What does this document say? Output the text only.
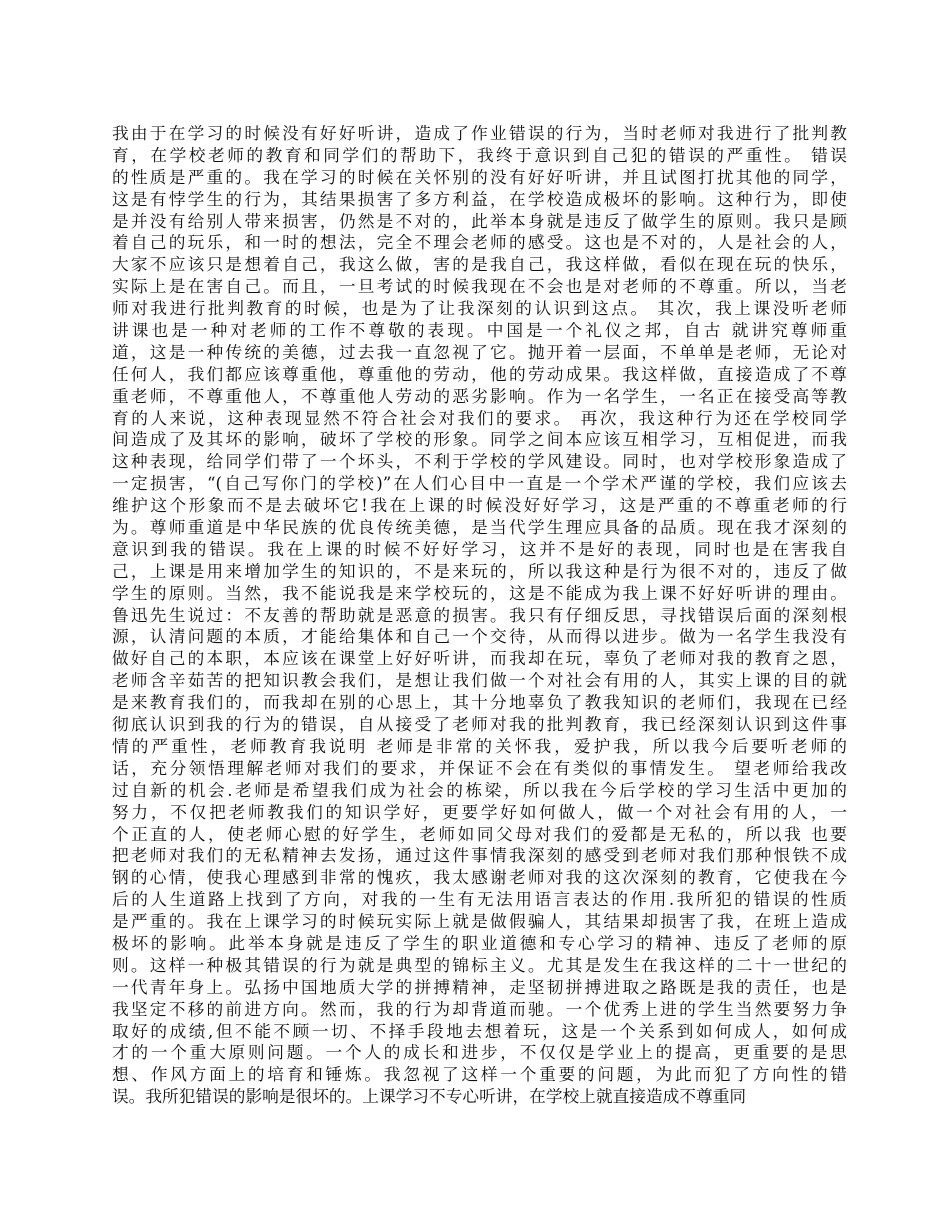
我由于在学习的时候没有好好听讲，造成了作业错误的行为，当时老师对我进行了批判教
育，在学校老师的教育和同学们的帮助下，我终于意识到自己犯的错误的严重性。 错误
的性质是严重的。我在学习的时候在关怀别的没有好好听讲，并且试图打扰其他的同学，
这是有悖学生的行为，其结果损害了多方利益，在学校造成极坏的影响。这种行为，即使
是并没有给别人带来损害，仍然是不对的，此举本身就是违反了做学生的原则。我只是顾
着自己的玩乐，和一时的想法，完全不理会老师的感受。这也是不对的，人是社会的人，
大家不应该只是想着自己，我这么做，害的是我自己，我这样做，看似在现在玩的快乐，
实际上是在害自己。而且，一旦考试的时候我现在不会也是对老师的不尊重。所以，当老
师对我进行批判教育的时候，也是为了让我深刻的认识到这点。 其次，我上课没听老师
讲课也是一种对老师的工作不尊敬的表现。中国是一个礼仪之邦，自古 就讲究尊师重
道，这是一种传统的美德，过去我一直忽视了它。抛开着一层面，不单单是老师，无论对
任何人，我们都应该尊重他，尊重他的劳动，他的劳动成果。我这样做，直接造成了不尊
重老师，不尊重他人，不尊重他人劳动的恶劣影响。作为一名学生，一名正在接受高等教
育的人来说，这种表现显然不符合社会对我们的要求。 再次，我这种行为还在学校同学
间造成了及其坏的影响，破坏了学校的形象。同学之间本应该互相学习，互相促进，而我
这种表现，给同学们带了一个坏头，不利于学校的学风建设。同时，也对学校形象造成了
一定损害，“(自己写你门的学校)”在人们心目中一直是一个学术严谨的学校，我们应该去
维护这个形象而不是去破坏它!我在上课的时候没好好学习，这是严重的不尊重老师的行
为。尊师重道是中华民族的优良传统美德，是当代学生理应具备的品质。现在我才深刻的
意识到我的错误。我在上课的时候不好好学习，这并不是好的表现，同时也是在害我自
己，上课是用来增加学生的知识的，不是来玩的，所以我这种是行为很不对的，违反了做
学生的原则。当然，我不能说我是来学校玩的，这是不能成为我上课不好好听讲的理由。
鲁迅先生说过：不友善的帮助就是恶意的损害。我只有仔细反思，寻找错误后面的深刻根
源，认清问题的本质，才能给集体和自己一个交待，从而得以进步。做为一名学生我没有
做好自己的本职，本应该在课堂上好好听讲，而我却在玩，辜负了老师对我的教育之恩，
老师含辛茹苦的把知识教会我们，是想让我们做一个对社会有用的人，其实上课的目的就
是来教育我们的，而我却在别的心思上，其十分地辜负了教我知识的老师们，我现在已经
彻底认识到我的行为的错误，自从接受了老师对我的批判教育，我已经深刻认识到这件事
情的严重性，老师教育我说明 老师是非常的关怀我，爱护我，所以我今后要听老师的
话，充分领悟理解老师对我们的要求，并保证不会在有类似的事情发生。 望老师给我改
过自新的机会.老师是希望我们成为社会的栋梁，所以我在今后学校的学习生活中更加的
努力，不仅把老师教我们的知识学好，更要学好如何做人，做一个对社会有用的人，一
个正直的人，使老师心慰的好学生，老师如同父母对我们的爱都是无私的，所以我 也要
把老师对我们的无私精神去发扬，通过这件事情我深刻的感受到老师对我们那种恨铁不成
钢的心情，使我心理感到非常的愧疚，我太感谢老师对我的这次深刻的教育，它使我在今
后的人生道路上找到了方向，对我的一生有无法用语言表达的作用.我所犯的错误的性质
是严重的。我在上课学习的时候玩实际上就是做假骗人，其结果却损害了我，在班上造成
极坏的影响。此举本身就是违反了学生的职业道德和专心学习的精神、违反了老师的原
则。这样一种极其错误的行为就是典型的锦标主义。尤其是发生在我这样的二十一世纪的
一代青年身上。弘扬中国地质大学的拼搏精神，走坚韧拼搏进取之路既是我的责任，也是
我坚定不移的前进方向。然而，我的行为却背道而驰。一个优秀上进的学生当然要努力争
取好的成绩,但不能不顾一切、不择手段地去想着玩，这是一个关系到如何成人，如何成
才的一个重大原则问题。一个人的成长和进步，不仅仅是学业上的提高，更重要的是思
想、作风方面上的培育和锤炼。我忽视了这样一个重要的问题，为此而犯了方向性的错
误。我所犯错误的影响是很坏的。上课学习不专心听讲，在学校上就直接造成不尊重同
